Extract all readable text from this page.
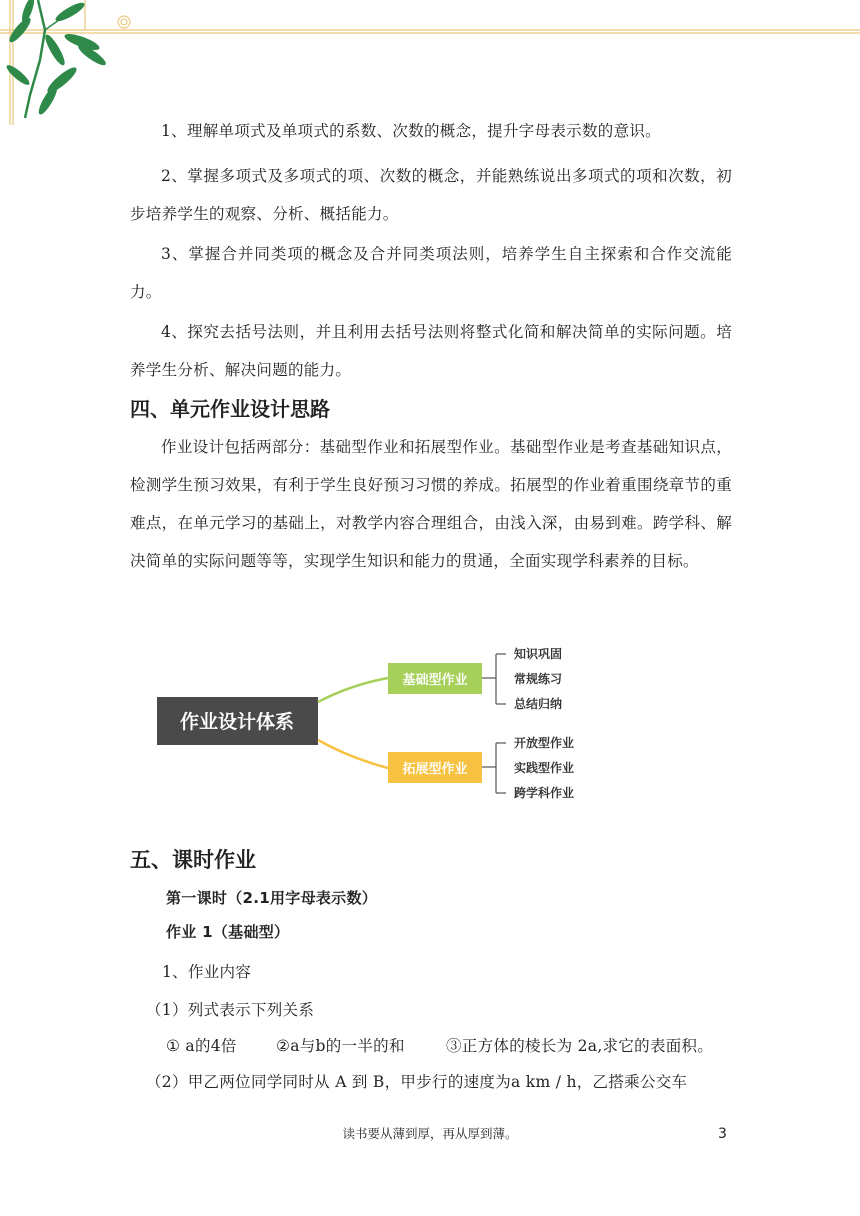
1、理解单项式及单项式的系数、次数的概念，提升字母表示数的意识。

2、掌握多项式及多项式的项、次数的概念，并能熟练说出多项式的项和次数，初步培养学生的观察、分析、概括能力。

3、掌握合并同类项的概念及合并同类项法则，培养学生自主探索和合作交流能力。

4、探究去括号法则，并且利用去括号法则将整式化简和解决简单的实际问题。培养学生分析、解决问题的能力。

四、单元作业设计思路

作业设计包括两部分：基础型作业和拓展型作业。基础型作业是考查基础知识点，检测学生预习效果，有利于学生良好预习习惯的养成。拓展型的作业着重围绕章节的重难点，在单元学习的基础上，对教学内容合理组合，由浅入深，由易到难。跨学科、解决简单的实际问题等等，实现学生知识和能力的贯通，全面实现学科素养的目标。

作业设计体系
基础型作业
拓展型作业
知识巩固
常规练习
总结归纳
开放型作业
实践型作业
跨学科作业
五、课时作业

第一课时（2.1用字母表示数）

作业 1（基础型）

1、作业内容

（1）列式表示下列关系

① a的4倍	②a与b的一半的和	③正方体的棱长为 2a,求它的表面积。

（2）甲乙两位同学同时从 A 到 B，甲步行的速度为a km / h，乙搭乘公交车

读书要从薄到厚，再从厚到薄。	3
